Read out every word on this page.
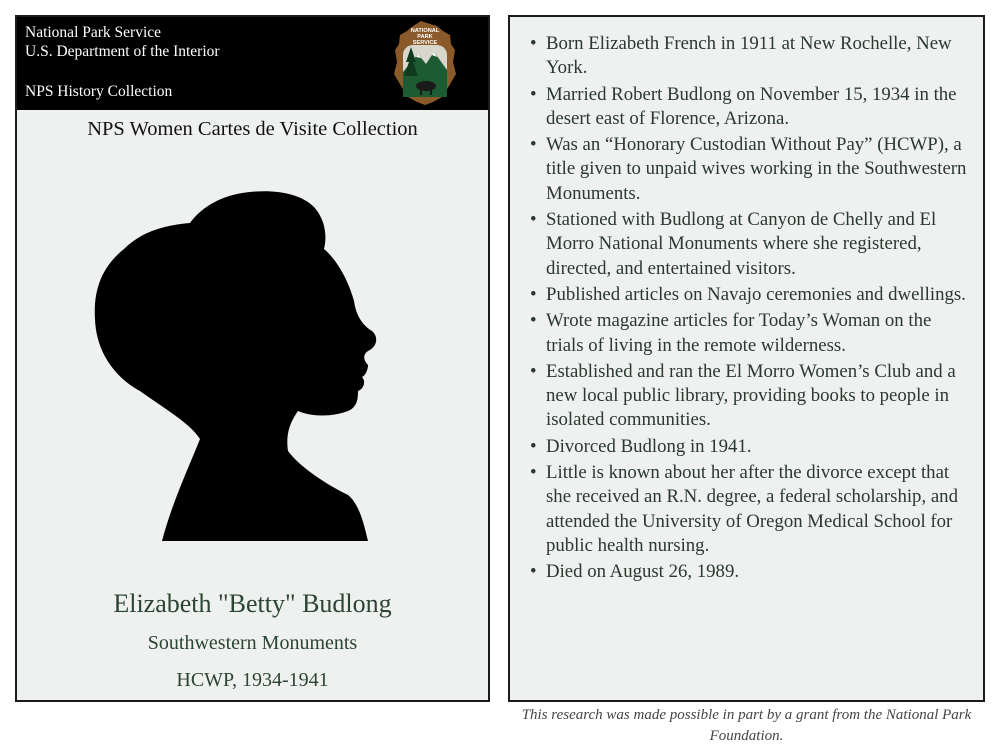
National Park Service
U.S. Department of the Interior
NPS History Collection
NATIONAL
PARK
SERVICE
NPS Women Cartes de Visite Collection
Elizabeth "Betty" Budlong
Southwestern Monuments
HCWP, 1934-1941
• Born Elizabeth French in 1911 at New Rochelle, New York.
• Married Robert Budlong on November 15, 1934 in the desert east of Florence, Arizona.
• Was an “Honorary Custodian Without Pay” (HCWP), a title given to unpaid wives working in the Southwestern Monuments.
• Stationed with Budlong at Canyon de Chelly and El Morro National Monuments where she registered, directed, and entertained visitors.
• Published articles on Navajo ceremonies and dwellings.
• Wrote magazine articles for Today’s Woman on the trials of living in the remote wilderness.
• Established and ran the El Morro Women’s Club and a new local public library, providing books to people in isolated communities.
• Divorced Budlong in 1941.
• Little is known about her after the divorce except that she received an R.N. degree, a federal scholarship, and attended the University of Oregon Medical School for public health nursing.
• Died on August 26, 1989.
This research was made possible in part by a grant from the National Park Foundation.
